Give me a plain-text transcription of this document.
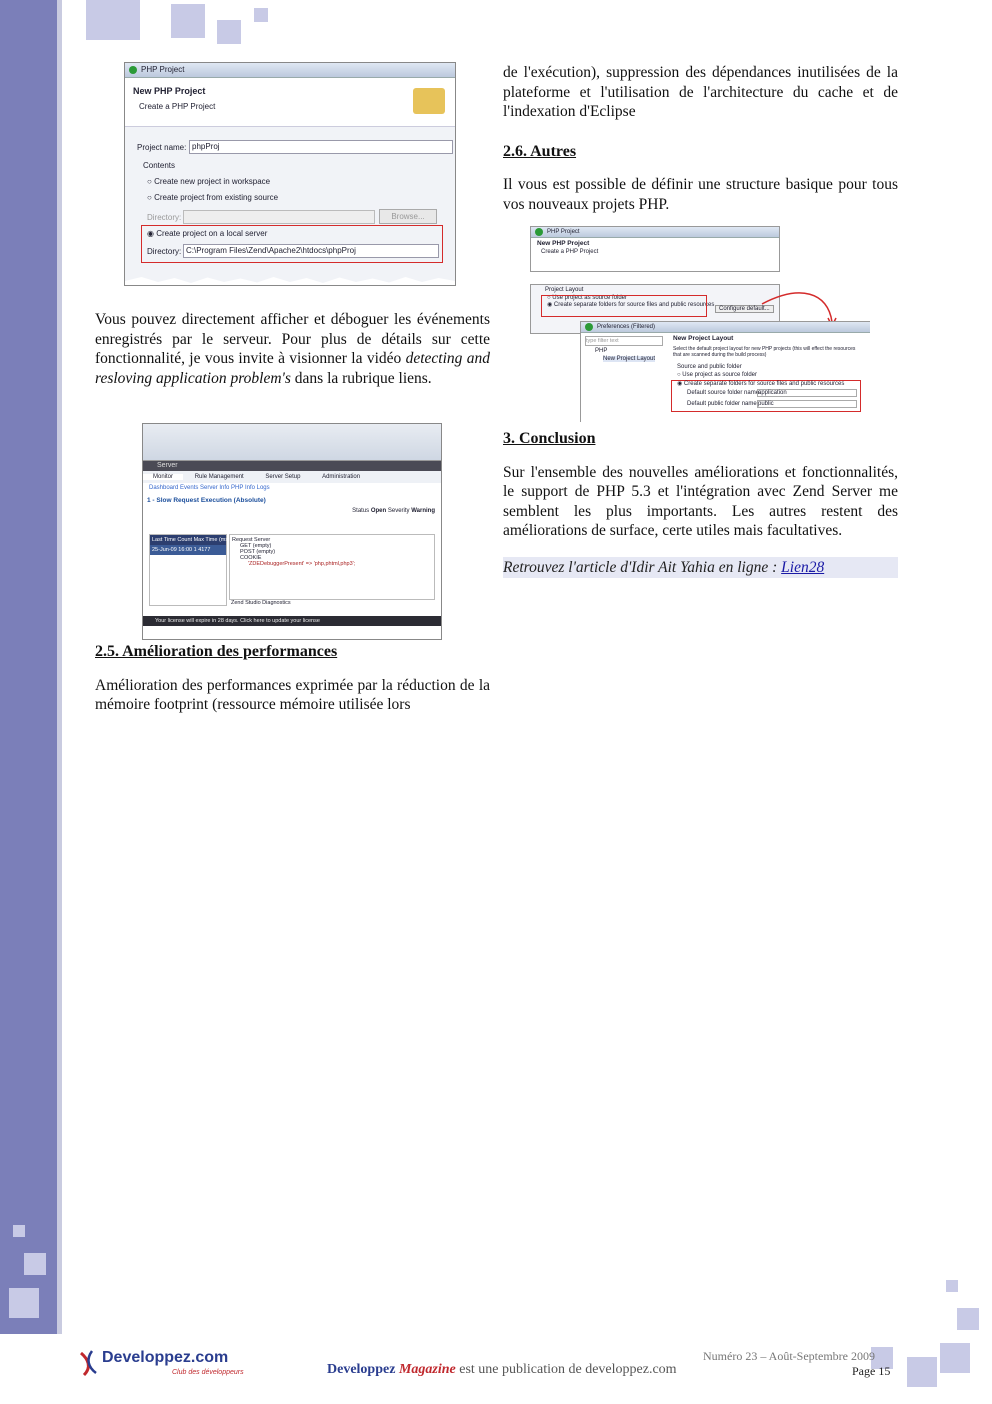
PHP Project
New PHP Project
Create a PHP Project
Project name: phpProj
Contents
○ Create new project in workspace
○ Create project from existing source
Directory:	Browse...
◉ Create project on a local server
Directory: C:\Program Files\Zend\Apache2\htdocs\phpProj

Vous pouvez directement afficher et déboguer les événements enregistrés par le serveur. Pour plus de détails sur cette fonctionnalité, je vous invite à visionner la vidéo detecting and resloving application problem's dans la rubrique liens.

Server
Monitor	Rule Management	Server Setup	Administration
Dashboard Events Server Info PHP Info Logs
1 - Slow Request Execution (Absolute)
Status Open Severity Warning
Last Time Count Max Time (ms)
25-Jun-09 16:00 1 4177
Request Server
GET (empty)
POST (empty)
COOKIE
'ZDEDebuggerPresent' => 'php,phtml,php3';
Zend Studio Diagnostics
Your license will expire in 28 days. Click here to update your license
2.5. Amélioration des performances

Amélioration des performances exprimée par la réduction de la mémoire footprint (ressource mémoire utilisée lors

de l'exécution), suppression des dépendances inutilisées de la plateforme et l'utilisation de l'architecture du cache et de l'indexation d'Eclipse

2.6. Autres

Il vous est possible de définir une structure basique pour tous vos nouveaux projets PHP.

PHP Project
New PHP Project
Create a PHP Project
Project Layout
○ Use project as source folder
◉ Create separate folders for source files and public resources
Configure default...
Preferences (Filtered)
type filter text
PHP
New Project Layout
New Project Layout
Select the default project layout for new PHP projects (this will effect the resources that are scanned during the build process)
Source and public folder
○ Use project as source folder
◉ Create separate folders for source files and public resources
Default source folder name:
application
Default public folder name: public
3. Conclusion

Sur l'ensemble des nouvelles améliorations et fonctionnalités, le support de PHP 5.3 et l'intégration avec Zend Server me semblent les plus importants. Les autres restent des améliorations de surface, certe utiles mais facultatives.

Retrouvez l'article d'Idir Ait Yahia en ligne : Lien28
Developpez.com
Club des développeurs
Numéro 23 – Août-Septembre 2009
Developpez Magazine est une publication de developpez.com	Page 15
